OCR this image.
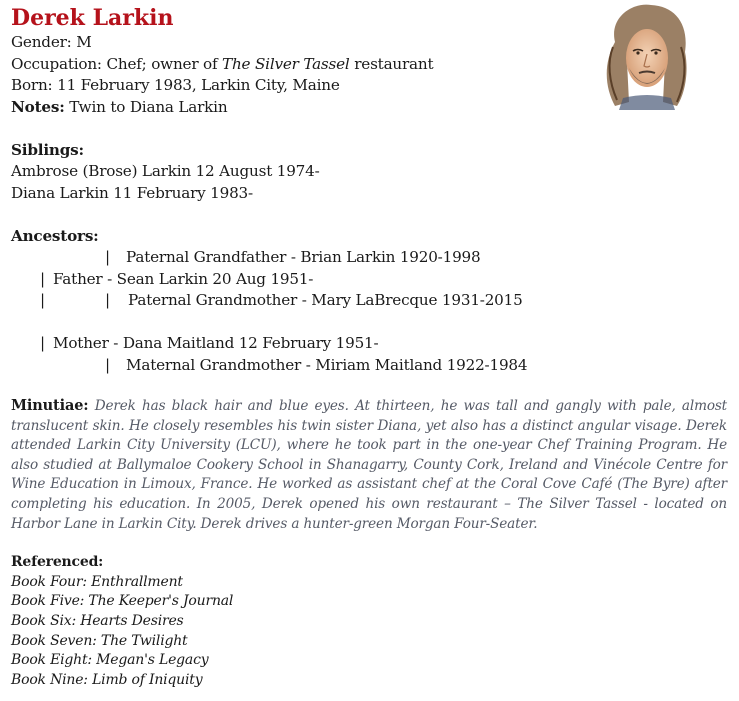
Derek Larkin
Gender: M
Occupation: Chef; owner of The Silver Tassel restaurant
Born: 11 February 1983, Larkin City, Maine
Notes: Twin to Diana Larkin
Siblings:
Ambrose (Brose) Larkin 12 August 1974-
Diana Larkin 11 February 1983-
Ancestors:
| Paternal Grandfather - Brian Larkin 1920-1998
| Father - Sean Larkin 20 Aug 1951-
|	| Paternal Grandmother - Mary LaBrecque 1931-2015
| Mother - Dana Maitland 12 February 1951-
| Maternal Grandmother - Miriam Maitland 1922-1984
Minutiae: Derek has black hair and blue eyes. At thirteen, he was tall and gangly with pale, almost translucent skin. He closely resembles his twin sister Diana, yet also has a distinct angular visage. Derek attended Larkin City University (LCU), where he took part in the one-year Chef Training Program. He also studied at Ballymaloe Cookery School in Shanagarry, County Cork, Ireland and Vinécole Centre for Wine Education in Limoux, France. He worked as assistant chef at the Coral Cove Café (The Byre) after completing his education. In 2005, Derek opened his own restaurant – The Silver Tassel - located on Harbor Lane in Larkin City. Derek drives a hunter-green Morgan Four-Seater.
Referenced:
Book Four: Enthrallment
Book Five: The Keeper's Journal
Book Six: Hearts Desires
Book Seven: The Twilight
Book Eight: Megan's Legacy
Book Nine: Limb of Iniquity
